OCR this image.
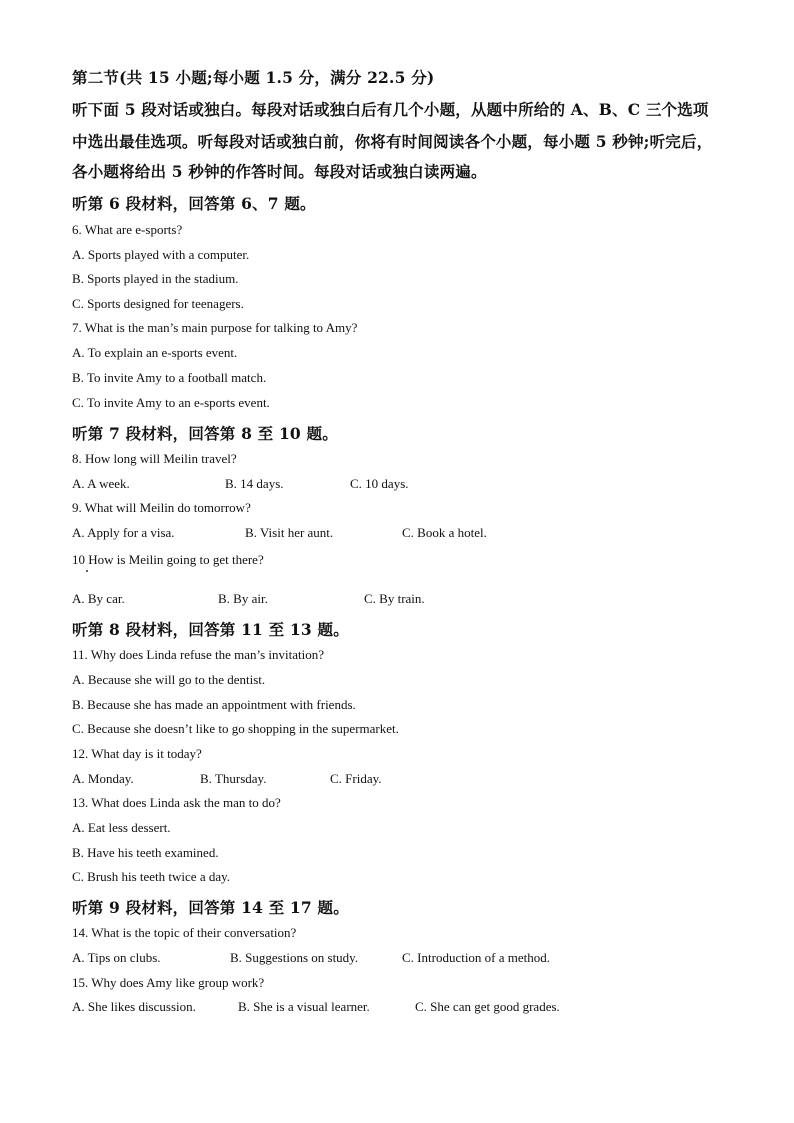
第二节(共 15 小题;每小题 1.5 分，满分 22.5 分)
听下面 5 段对话或独白。每段对话或独白后有几个小题，从题中所给的 A、B、C 三个选项
中选出最佳选项。听每段对话或独白前，你将有时间阅读各个小题，每小题 5 秒钟;听完后，
各小题将给出 5 秒钟的作答时间。每段对话或独白读两遍。
听第 6 段材料，回答第 6、7 题。
6. What are e-sports?
A. Sports played with a computer.
B. Sports played in the stadium.
C. Sports designed for teenagers.
7. What is the man’s main purpose for talking to Amy?
A. To explain an e-sports event.
B. To invite Amy to a football match.
C. To invite Amy to an e-sports event.
听第 7 段材料，回答第 8 至 10 题。
8. How long will Meilin travel?
A. A week.	B. 14 days.	C. 10 days.
9. What will Meilin do tomorrow?
A. Apply for a visa.	B. Visit her aunt.	C. Book a hotel.
10 How is Meilin going to get there?
A. By car.	B. By air.	C. By train.
听第 8 段材料，回答第 11 至 13 题。
11. Why does Linda refuse the man’s invitation?
A. Because she will go to the dentist.
B. Because she has made an appointment with friends.
C. Because she doesn’t like to go shopping in the supermarket.
12. What day is it today?
A. Monday.	B. Thursday.	C. Friday.
13. What does Linda ask the man to do?
A. Eat less dessert.
B. Have his teeth examined.
C. Brush his teeth twice a day.
听第 9 段材料，回答第 14 至 17 题。
14. What is the topic of their conversation?
A. Tips on clubs.	B. Suggestions on study.	C. Introduction of a method.
15. Why does Amy like group work?
A. She likes discussion.	B. She is a visual learner.	C. She can get good grades.
